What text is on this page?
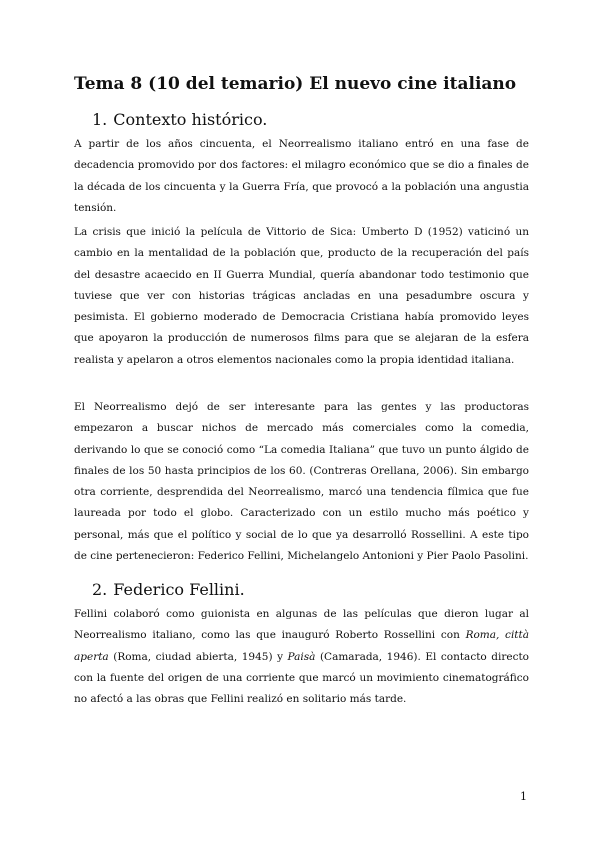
Tema 8 (10 del temario) El nuevo cine italiano
1. Contexto histórico.

A partir de los años cincuenta, el Neorrealismo italiano entró en una fase de decadencia promovido por dos factores: el milagro económico que se dio a finales de la década de los cincuenta y la Guerra Fría, que provocó a la población una angustia tensión.

La crisis que inició la película de Vittorio de Sica: Umberto D (1952) vaticinó un cambio en la mentalidad de la población que, producto de la recuperación del país del desastre acaecido en II Guerra Mundial, quería abandonar todo testimonio que tuviese que ver con historias trágicas ancladas en una pesadumbre oscura y pesimista. El gobierno moderado de Democracia Cristiana había promovido leyes que apoyaron la producción de numerosos films para que se alejaran de la esfera realista y apelaron a otros elementos nacionales como la propia identidad italiana.

El Neorrealismo dejó de ser interesante para las gentes y las productoras empezaron a buscar nichos de mercado más comerciales como la comedia, derivando lo que se conoció como “La comedia Italiana” que tuvo un punto álgido de finales de los 50 hasta principios de los 60. (Contreras Orellana, 2006). Sin embargo otra corriente, desprendida del Neorrealismo, marcó una tendencia fílmica que fue laureada por todo el globo. Caracterizado con un estilo mucho más poético y personal, más que el político y social de lo que ya desarrolló Rossellini. A este tipo de cine pertenecieron: Federico Fellini, Michelangelo Antonioni y Pier Paolo Pasolini.

2. Federico Fellini.

Fellini colaboró como guionista en algunas de las películas que dieron lugar al Neorrealismo italiano, como las que inauguró Roberto Rossellini con Roma, città aperta (Roma, ciudad abierta, 1945) y Paisà (Camarada, 1946). El contacto directo con la fuente del origen de una corriente que marcó un movimiento cinematográfico no afectó a las obras que Fellini realizó en solitario más tarde.

1
